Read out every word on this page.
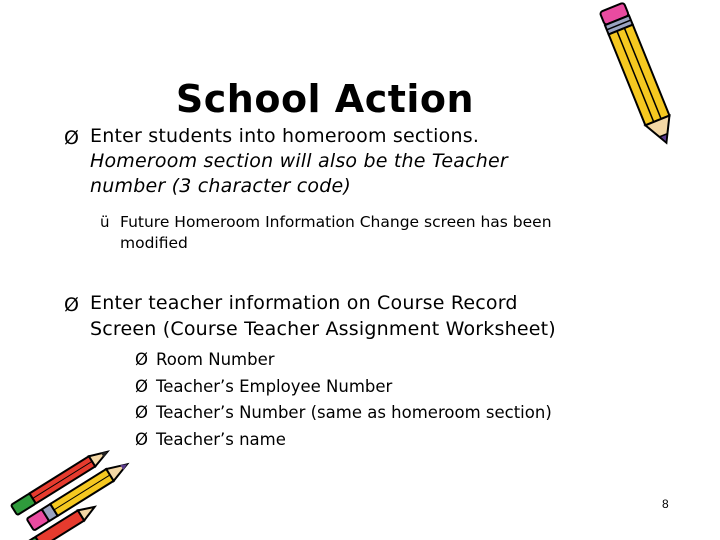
School Action
Ø Enter students into homeroom sections.
Homeroom section will also be the Teacher
number (3 character code)
ü Future Homeroom Information Change screen has been
modified
Ø Enter teacher information on Course Record
Screen (Course Teacher Assignment Worksheet)
Ø Room Number
Ø Teacher’s Employee Number
Ø Teacher’s Number (same as homeroom section)
Ø Teacher’s name
8
